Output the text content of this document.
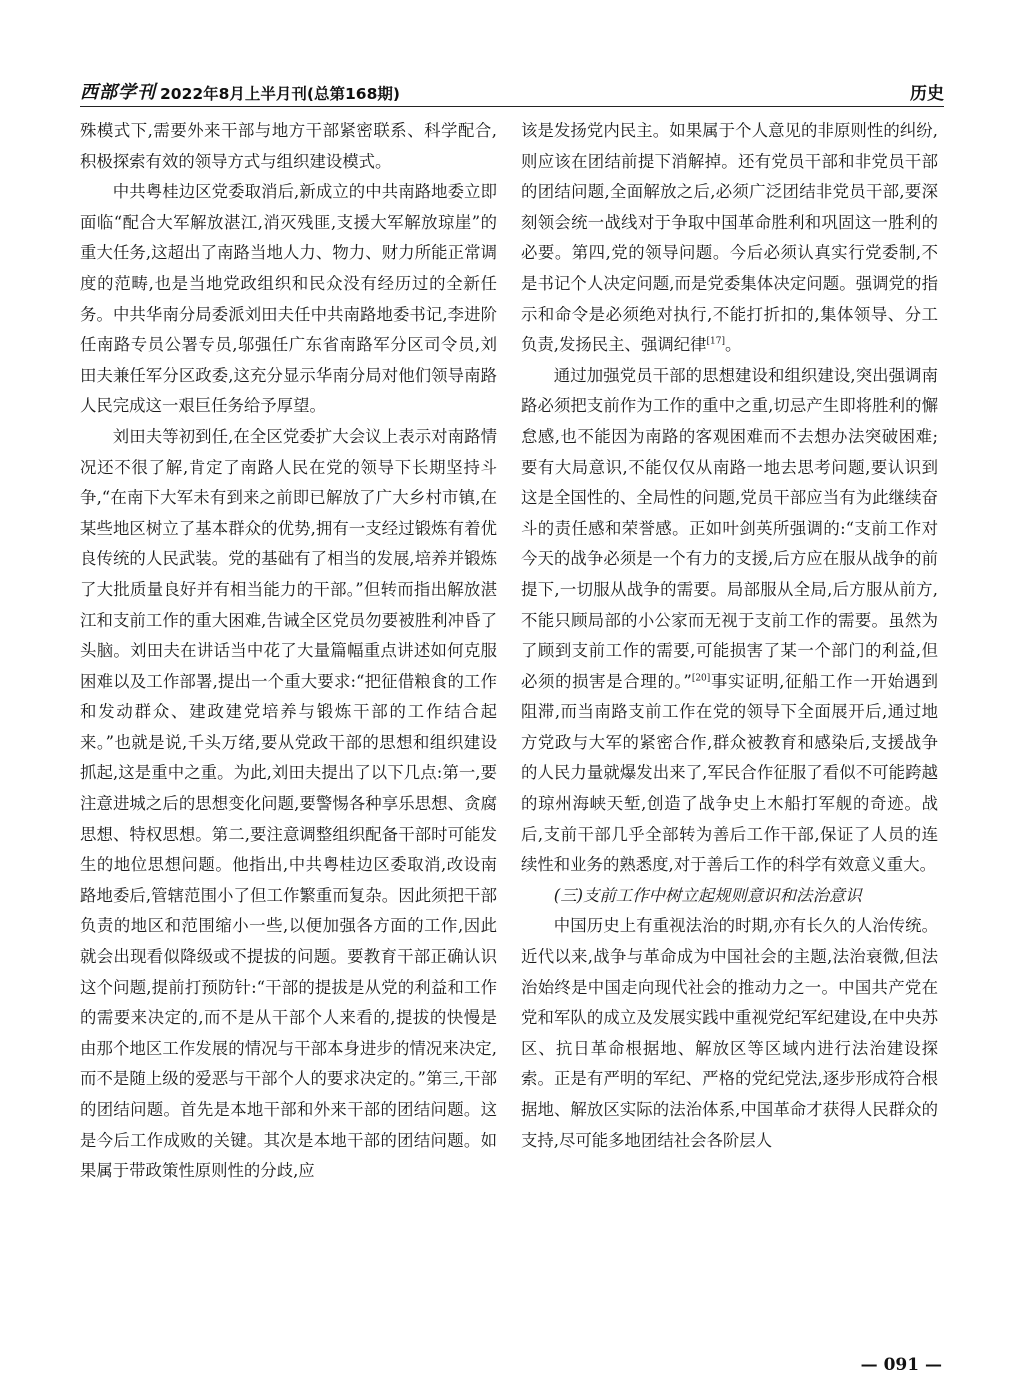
西部学刊 2022年8月上半月刊(总第168期)	历史

殊模式下,需要外来干部与地方干部紧密联系、科学配合,积极探索有效的领导方式与组织建设模式。

中共粤桂边区党委取消后,新成立的中共南路地委立即面临“配合大军解放湛江,消灭残匪,支援大军解放琼崖”的重大任务,这超出了南路当地人力、物力、财力所能正常调度的范畴,也是当地党政组织和民众没有经历过的全新任务。中共华南分局委派刘田夫任中共南路地委书记,李进阶任南路专员公署专员,邬强任广东省南路军分区司令员,刘田夫兼任军分区政委,这充分显示华南分局对他们领导南路人民完成这一艰巨任务给予厚望。

刘田夫等初到任,在全区党委扩大会议上表示对南路情况还不很了解,肯定了南路人民在党的领导下长期坚持斗争,“在南下大军未有到来之前即已解放了广大乡村市镇,在某些地区树立了基本群众的优势,拥有一支经过锻炼有着优良传统的人民武装。党的基础有了相当的发展,培养并锻炼了大批质量良好并有相当能力的干部。”但转而指出解放湛江和支前工作的重大困难,告诫全区党员勿要被胜利冲昏了头脑。刘田夫在讲话当中花了大量篇幅重点讲述如何克服困难以及工作部署,提出一个重大要求:“把征借粮食的工作和发动群众、建政建党培养与锻炼干部的工作结合起来。”也就是说,千头万绪,要从党政干部的思想和组织建设抓起,这是重中之重。为此,刘田夫提出了以下几点:第一,要注意进城之后的思想变化问题,要警惕各种享乐思想、贪腐思想、特权思想。第二,要注意调整组织配备干部时可能发生的地位思想问题。他指出,中共粤桂边区委取消,改设南路地委后,管辖范围小了但工作繁重而复杂。因此须把干部负责的地区和范围缩小一些,以便加强各方面的工作,因此就会出现看似降级或不提拔的问题。要教育干部正确认识这个问题,提前打预防针:“干部的提拔是从党的利益和工作的需要来决定的,而不是从干部个人来看的,提拔的快慢是由那个地区工作发展的情况与干部本身进步的情况来决定,而不是随上级的爱恶与干部个人的要求决定的。”第三,干部的团结问题。首先是本地干部和外来干部的团结问题。这是今后工作成败的关键。其次是本地干部的团结问题。如果属于带政策性原则性的分歧,应

该是发扬党内民主。如果属于个人意见的非原则性的纠纷,则应该在团结前提下消解掉。还有党员干部和非党员干部的团结问题,全面解放之后,必须广泛团结非党员干部,要深刻领会统一战线对于争取中国革命胜利和巩固这一胜利的必要。第四,党的领导问题。今后必须认真实行党委制,不是书记个人决定问题,而是党委集体决定问题。强调党的指示和命令是必须绝对执行,不能打折扣的,集体领导、分工负责,发扬民主、强调纪律[17]。

通过加强党员干部的思想建设和组织建设,突出强调南路必须把支前作为工作的重中之重,切忌产生即将胜利的懈怠感,也不能因为南路的客观困难而不去想办法突破困难;要有大局意识,不能仅仅从南路一地去思考问题,要认识到这是全国性的、全局性的问题,党员干部应当有为此继续奋斗的责任感和荣誉感。正如叶剑英所强调的:“支前工作对今天的战争必须是一个有力的支援,后方应在服从战争的前提下,一切服从战争的需要。局部服从全局,后方服从前方,不能只顾局部的小公家而无视于支前工作的需要。虽然为了顾到支前工作的需要,可能损害了某一个部门的利益,但必须的损害是合理的。”[20]事实证明,征船工作一开始遇到阻滞,而当南路支前工作在党的领导下全面展开后,通过地方党政与大军的紧密合作,群众被教育和感染后,支援战争的人民力量就爆发出来了,军民合作征服了看似不可能跨越的琼州海峡天堑,创造了战争史上木船打军舰的奇迹。战后,支前干部几乎全部转为善后工作干部,保证了人员的连续性和业务的熟悉度,对于善后工作的科学有效意义重大。

(三)支前工作中树立起规则意识和法治意识

中国历史上有重视法治的时期,亦有长久的人治传统。近代以来,战争与革命成为中国社会的主题,法治衰微,但法治始终是中国走向现代社会的推动力之一。中国共产党在党和军队的成立及发展实践中重视党纪军纪建设,在中央苏区、抗日革命根据地、解放区等区域内进行法治建设探索。正是有严明的军纪、严格的党纪党法,逐步形成符合根据地、解放区实际的法治体系,中国革命才获得人民群众的支持,尽可能多地团结社会各阶层人

— 091 —
